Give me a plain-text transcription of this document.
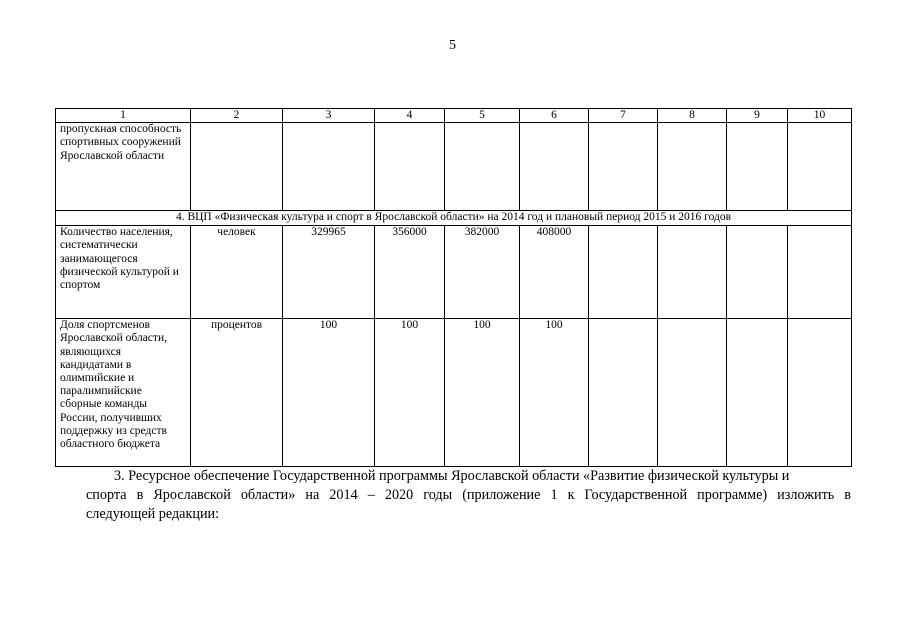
5
1	2	3	4	5	6	7	8	9	10
пропускная способность спортивных сооружений Ярославской области									
4. ВЦП «Физическая культура и спорт в Ярославской области» на 2014 год и плановый период 2015 и 2016 годов									
Количество населения, систематически занимающегося физической культурой и спортом	человек	329965	356000	382000	408000				
Доля спортсменов Ярославской области, являющихся кандидатами в олимпийские и паралимпийские сборные команды России, получивших поддержку из средств областного бюджета	процентов	100	100	100	100				

3. Ресурсное обеспечение Государственной программы Ярославской области «Развитие физической культуры и

спорта в Ярославской области» на 2014 – 2020 годы (приложение 1 к Государственной программе) изложить в

следующей редакции:
